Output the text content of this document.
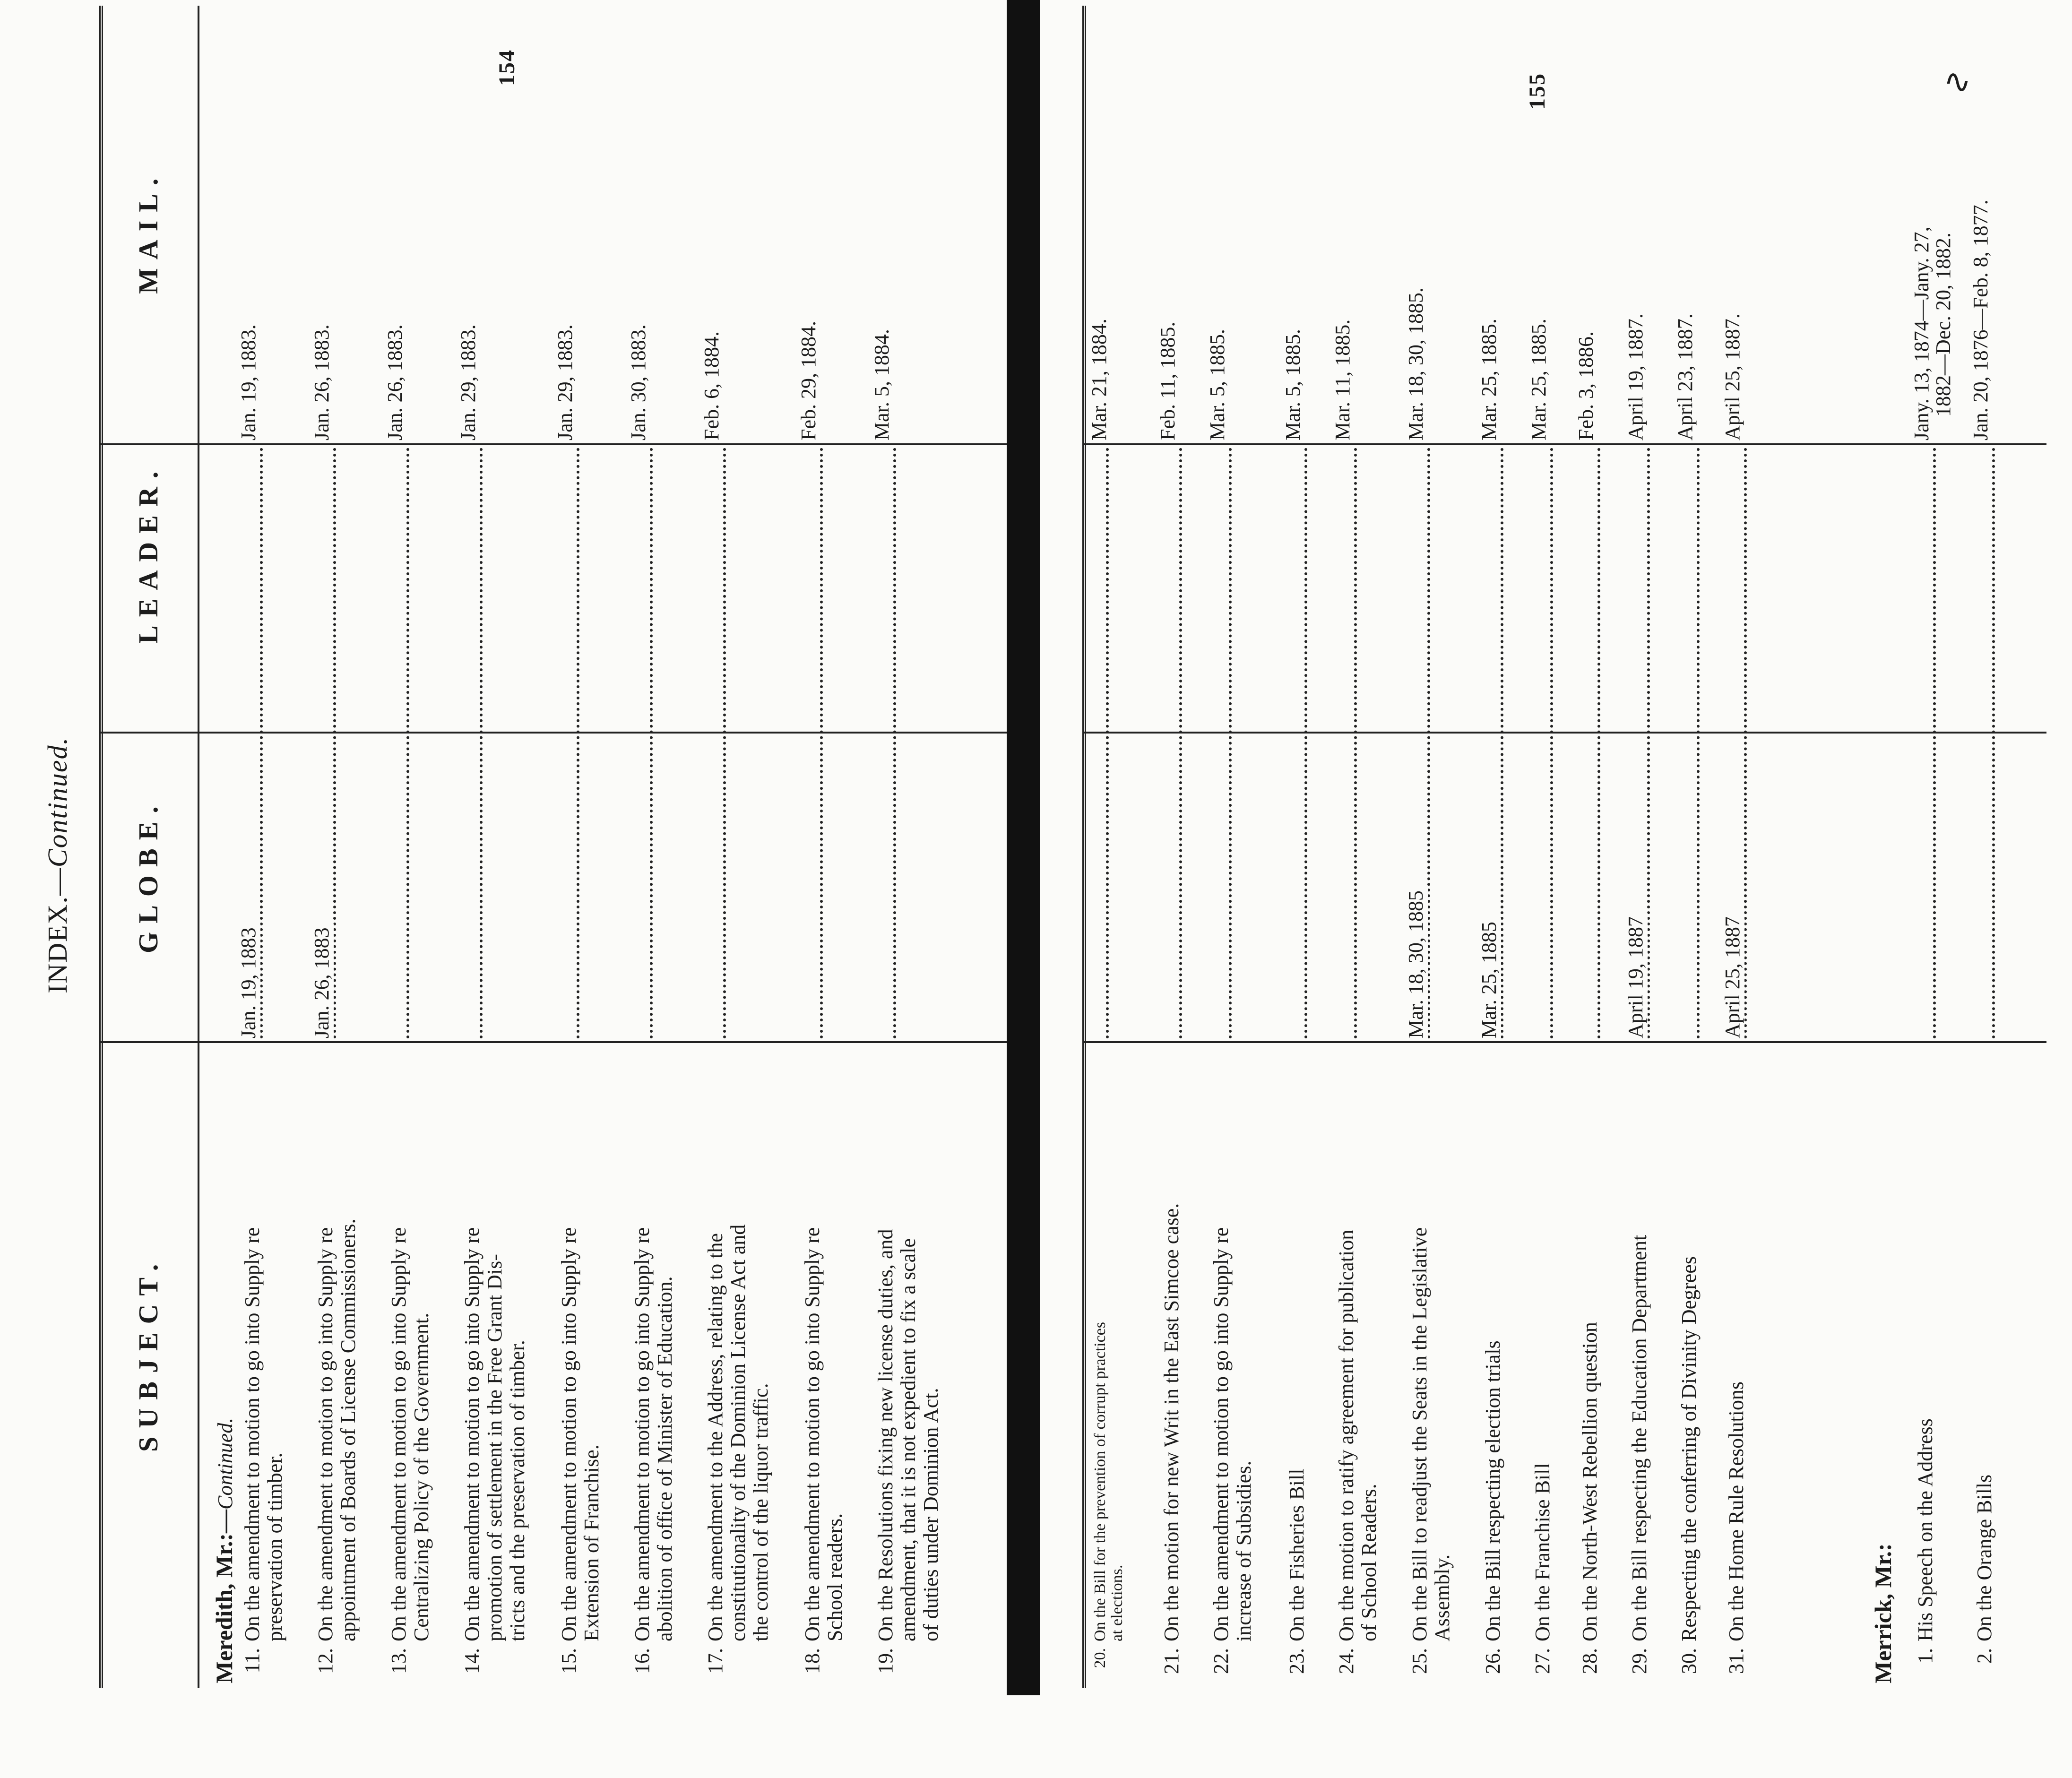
154
INDEX.—Continued.
SUBJECT.
GLOBE.
LEADER.
MAIL.
Meredith, Mr.:—Continued.
11.On the amendment to motion to go into Supply re preservation of timber.
Jan. 19, 1883
Jan. 19, 1883.
12.On the amendment to motion to go into Supply re appointment of Boards of License Commissioners.
Jan. 26, 1883
Jan. 26, 1883.
13.On the amendment to motion to go into Supply re Centralizing Policy of the Government.
Jan. 26, 1883.
14.On the amendment to motion to go into Supply re promotion of settlement in the Free Grant Dis- tricts and the preservation of timber.
Jan. 29, 1883.
15.On the amendment to motion to go into Supply re Extension of Franchise.
Jan. 29, 1883.
16.On the amendment to motion to go into Supply re abolition of office of Minister of Education.
Jan. 30, 1883.
17.On the amendment to the Address, relating to the constitutionality of the Dominion License Act and the control of the liquor traffic.
Feb. 6, 1884.
18.On the amendment to motion to go into Supply re School readers.
Feb. 29, 1884.
19.On the Resolutions fixing new license duties, and amendment, that it is not expedient to fix a scale of duties under Dominion Act.
Mar. 5, 1884.
155
20.On the Bill for the prevention of corrupt practices at elections.
Mar. 21, 1884.
21.On the motion for new Writ in the East Simcoe case.

Feb. 11, 1885.
22.On the amendment to motion to go into Supply re increase of Subsidies.
Mar. 5, 1885.
23.On the Fisheries Bill

Mar. 5, 1885.
24.On the motion to ratify agreement for publication of School Readers.
Mar. 11, 1885.
25.On the Bill to readjust the Seats in the Legislative Assembly.
Mar. 18, 30, 1885
Mar. 18, 30, 1885.
26.On the Bill respecting election trials

Mar. 25, 1885
Mar. 25, 1885.
27.On the Franchise Bill

Mar. 25, 1885.
28.On the North-West Rebellion question

Feb. 3, 1886.
29.On the Bill respecting the Education Department

April 19, 1887
April 19, 1887.
30.Respecting the conferring of Divinity Degrees

April 23, 1887.
31.On the Home Rule Resolutions

April 25, 1887
April 25, 1887.
Merrick, Mr.: 1.His Speech on the Address

Jany. 13, 1874—Jany. 27,
1882—Dec. 20, 1882.
2.On the Orange Bills

Jan. 20, 1876—Feb. 8, 1877.
∿
